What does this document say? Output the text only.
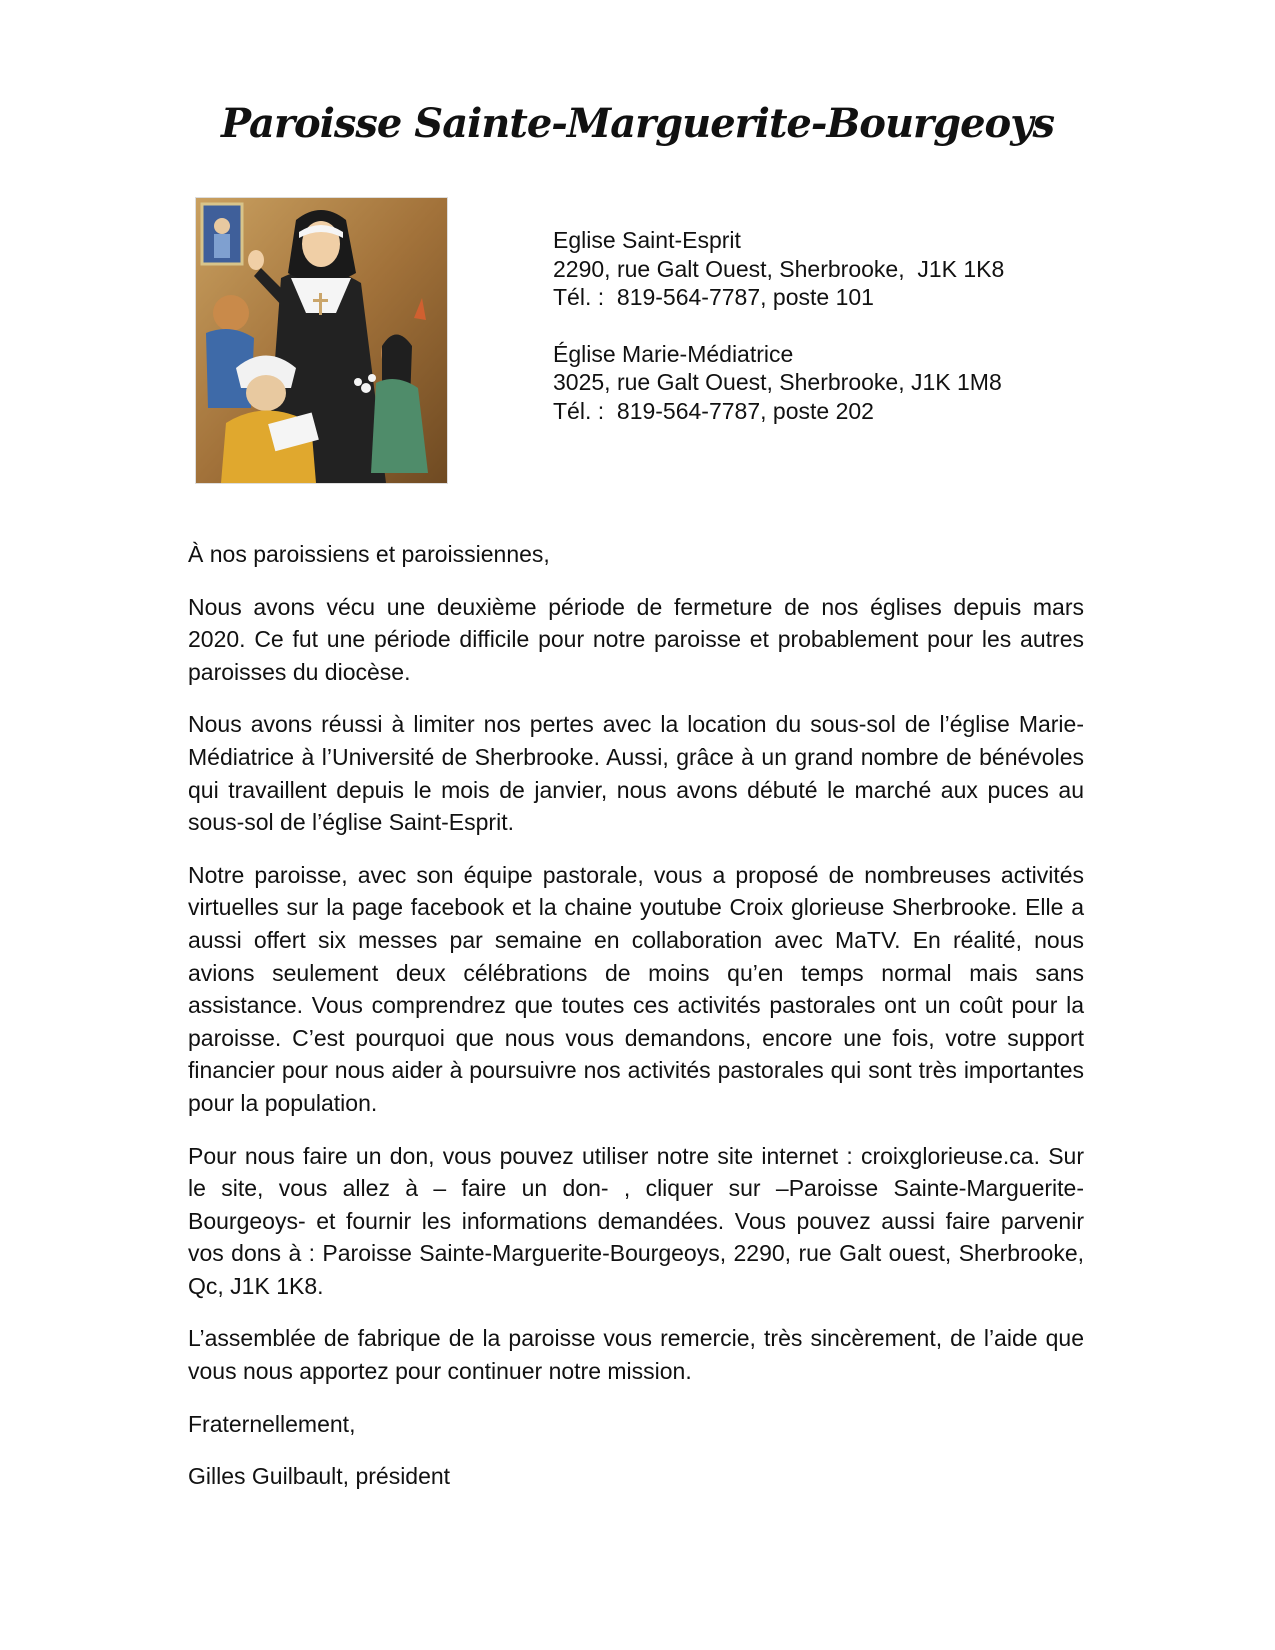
Paroisse Sainte-Marguerite-Bourgeoys
Eglise Saint-Esprit
2290, rue Galt Ouest, Sherbrooke,  J1K 1K8
Tél. :  819-564-7787, poste 101
Église Marie-Médiatrice
3025, rue Galt Ouest, Sherbrooke, J1K 1M8
Tél. :  819-564-7787, poste 202

À nos paroissiens et paroissiennes,

Nous avons vécu une deuxième période de fermeture de nos églises depuis mars 2020. Ce fut une période difficile pour notre paroisse et probablement pour les autres paroisses du diocèse.

Nous avons réussi à limiter nos pertes avec la location du sous-sol de l’église Marie-Médiatrice à l’Université de Sherbrooke. Aussi, grâce à un grand nombre de bénévoles qui travaillent depuis le mois de janvier, nous avons débuté le marché aux puces au sous-sol de l’église Saint-Esprit.

Notre paroisse, avec son équipe pastorale, vous a proposé de nombreuses activités virtuelles sur la page facebook et la chaine youtube Croix glorieuse Sherbrooke. Elle a aussi offert six messes par semaine en collaboration avec MaTV. En réalité, nous avions seulement deux célébrations de moins qu’en temps normal mais sans assistance. Vous comprendrez que toutes ces activités pastorales ont un coût pour la paroisse. C’est pourquoi que nous vous demandons, encore une fois, votre support financier pour nous aider à poursuivre nos activités pastorales qui sont très importantes pour la population.

Pour nous faire un don, vous pouvez utiliser notre site internet : croixglorieuse.ca. Sur le site, vous allez à – faire un don- , cliquer sur –Paroisse Sainte-Marguerite-Bourgeoys- et fournir les informations demandées. Vous pouvez aussi faire parvenir vos dons à : Paroisse Sainte-Marguerite-Bourgeoys, 2290, rue Galt ouest, Sherbrooke, Qc, J1K 1K8.

L’assemblée de fabrique de la paroisse vous remercie, très sincèrement, de l’aide que vous nous apportez pour continuer notre mission.

Fraternellement,

Gilles Guilbault, président
